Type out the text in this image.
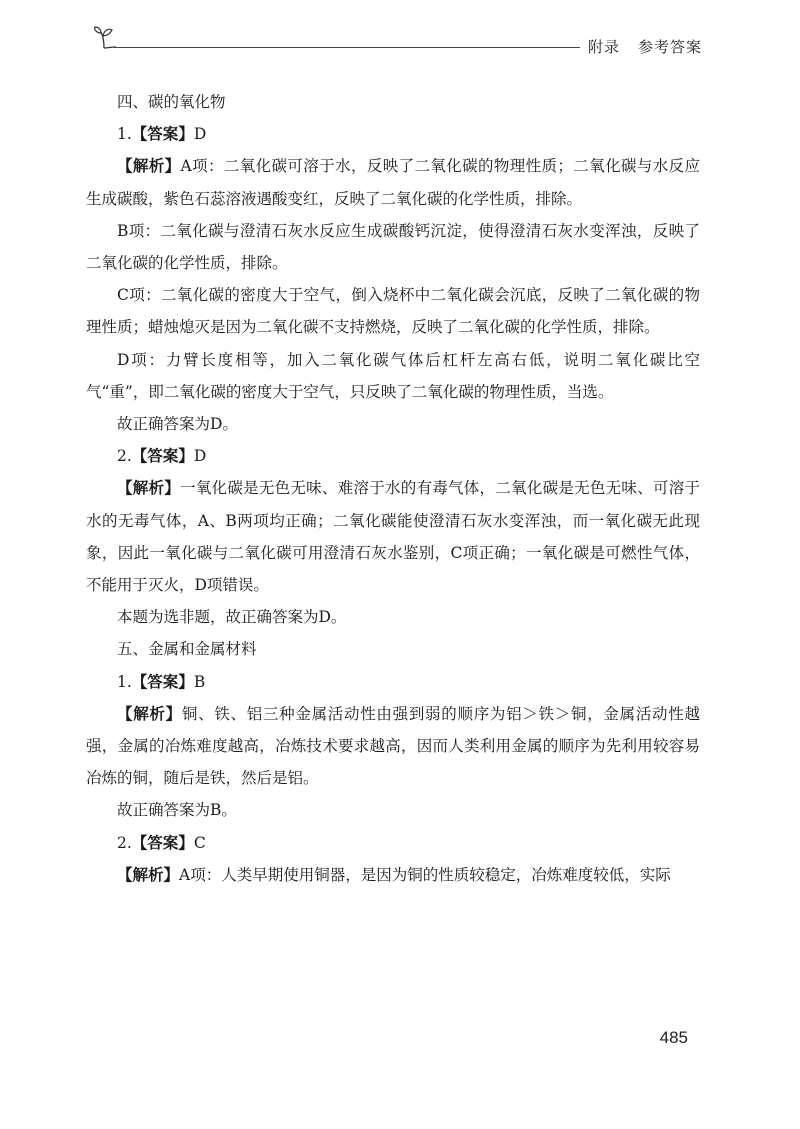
附录 参考答案

四、碳的氧化物

1.【答案】D

【解析】A项：二氧化碳可溶于水，反映了二氧化碳的物理性质；二氧化碳与水反应生成碳酸，紫色石蕊溶液遇酸变红，反映了二氧化碳的化学性质，排除。

B项：二氧化碳与澄清石灰水反应生成碳酸钙沉淀，使得澄清石灰水变浑浊，反映了二氧化碳的化学性质，排除。

C项：二氧化碳的密度大于空气，倒入烧杯中二氧化碳会沉底，反映了二氧化碳的物理性质；蜡烛熄灭是因为二氧化碳不支持燃烧，反映了二氧化碳的化学性质，排除。

D项：力臂长度相等，加入二氧化碳气体后杠杆左高右低，说明二氧化碳比空气“重”，即二氧化碳的密度大于空气，只反映了二氧化碳的物理性质，当选。

故正确答案为D。

2.【答案】D

【解析】一氧化碳是无色无味、难溶于水的有毒气体，二氧化碳是无色无味、可溶于水的无毒气体，A、B两项均正确；二氧化碳能使澄清石灰水变浑浊，而一氧化碳无此现象，因此一氧化碳与二氧化碳可用澄清石灰水鉴别，C项正确；一氧化碳是可燃性气体，不能用于灭火，D项错误。

本题为选非题，故正确答案为D。

五、金属和金属材料

1.【答案】B

【解析】铜、铁、铝三种金属活动性由强到弱的顺序为铝＞铁＞铜，金属活动性越强，金属的冶炼难度越高，冶炼技术要求越高，因而人类利用金属的顺序为先利用较容易冶炼的铜，随后是铁，然后是铝。

故正确答案为B。

2.【答案】C

【解析】A项：人类早期使用铜器，是因为铜的性质较稳定，冶炼难度较低，实际

485
